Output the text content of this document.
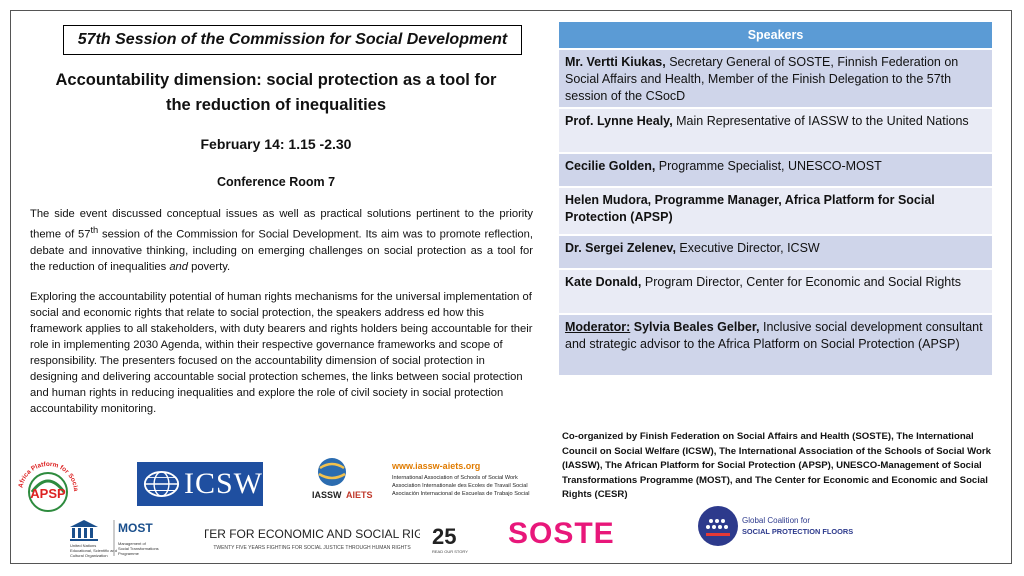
57th Session of the Commission for Social Development
Accountability dimension: social protection as a tool for
the reduction of inequalities
February 14: 1.15 -2.30
Conference Room 7
The side event discussed conceptual issues as well as practical solutions pertinent to the priority theme of 57th session of the Commission for Social Development. Its aim was to promote reflection, debate and innovative thinking, including on emerging challenges on social protection as a tool for the reduction of inequalities and poverty.
Exploring the accountability potential of human rights mechanisms for the universal implementation of social and economic rights that relate to social protection, the speakers address ed how this framework applies to all stakeholders, with duty bearers and rights holders being accountable for their role in implementing 2030 Agenda, within their respective governance frameworks and scope of responsibility. The presenters focused on the accountability dimension of social protection in designing and delivering accountable social protection schemes, the links between social protection and human rights in reducing inequalities and explore the role of civil society in social protection accountability monitoring.
Speakers
Mr. Vertti Kiukas, Secretary General of SOSTE, Finnish Federation on Social Affairs and Health, Member of the Finish Delegation to the 57th session of the CSocD
Prof. Lynne Healy, Main Representative of IASSW to the United Nations
Cecilie Golden, Programme Specialist, UNESCO-MOST
Helen Mudora, Programme Manager, Africa Platform for Social Protection (APSP)
Dr. Sergei Zelenev, Executive Director, ICSW
Kate Donald, Program Director, Center for Economic and Social Rights
Moderator: Sylvia Beales Gelber, Inclusive social development consultant and strategic advisor to the Africa Platform on Social Protection (APSP)
Co-organized by Finish Federation on Social Affairs and Health (SOSTE), The International Council on Social Welfare (ICSW), The International Association of the Schools of Social Work (IASSW), The African Platform for Social Protection (APSP), UNESCO-Management of Social Transformations Programme (MOST), and The Center for Economic and Economic and Social Rights (CESR)
Africa Platform for Socia
APSP	ICSW	IASSW AIETS
www.iassw-aiets.org
International Association of Schools of Social Work
Association Internationale des Ecoles de Travail Social
Asociación Internacional de Escuelas de Trabajo Social
United Nations
Educational, Scientific and
Cultural Organization
MOST
Management of
Social Transformations
Programme
TER FOR ECONOMIC AND SOCIAL RIG
TWENTY FIVE YEARS FIGHTING FOR SOCIAL JUSTICE THROUGH HUMAN RIGHTS 25
READ OUR STORY
SOSTE	Global Coalition for
SOCIAL PROTECTION FLOORS
